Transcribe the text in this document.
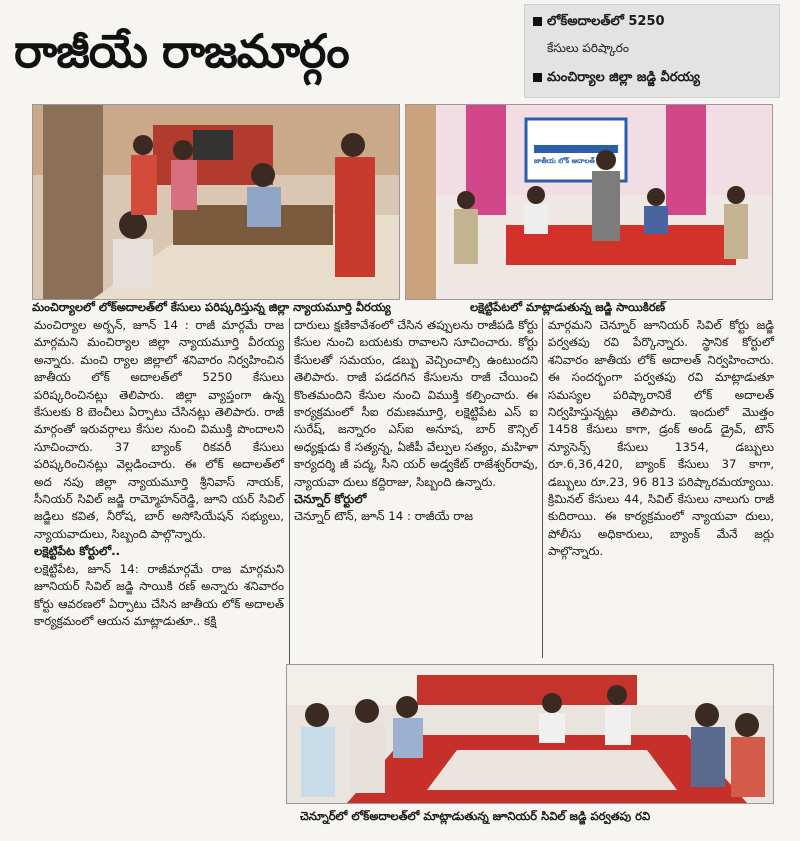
రాజీయే రాజమార్గం
లోక్‌అదాలత్‌లో 5250
కేసులు పరిష్కారం
మంచిర్యాల జిల్లా జడ్జి వీరయ్య
మంచిర్యాలలో లోక్‌అదాలత్‌లో కేసులు పరిష్కరిస్తున్న జిల్లా న్యాయమూర్తి వీరయ్య
జాతీయ లోక్ అదాలత్
లక్షెట్టిపేటలో మాట్లాడుతున్న జడ్జి సాయికిరణ్

మంచిర్యాల అర్బన్, జూన్ 14 : రాజీ మార్గమే రాజ మార్గమని మంచిర్యాల జిల్లా న్యాయమూర్తి వీరయ్య అన్నారు. మంచి ర్యాల జిల్లాలో శనివారం నిర్వహించిన జాతీయ లోక్ అదాలత్‌లో 5250 కేసులు పరిష్కరించినట్లు తెలిపారు. జిల్లా వ్యాప్తంగా ఉన్న కేసులకు 8 బెంచీలు ఏర్పాటు చేసినట్లు తెలిపారు. రాజీ మార్గంతో ఇరువర్గాలు కేసుల నుంచి విముక్తి పొందాలని సూచించారు. 37 బ్యాంక్ రికవరీ కేసులు పరిష్కరించినట్లు వెల్లడించారు. ఈ లోక్ అదాలత్‌లో అద నపు జిల్లా న్యాయమూర్తి శ్రీనివాస్ నాయక్, సీనియర్ సివిల్ జడ్జి రామ్మోహన్‌రెడ్డి, జూని యర్ సివిల్ జడ్జిలు కవిత, నీరోష, బార్ అసోసియేషన్ సభ్యులు, న్యాయవాదులు, సిబ్బంది పాల్గొన్నారు.

లక్షెట్టిపేట కోర్టులో..

లక్షెట్టిపేట, జూన్ 14: రాజీమార్గమే రాజ మార్గమని జూనియర్ సివిల్ జడ్జి సాయికి రణ్ అన్నారు శనివారం కోర్టు ఆవరణలో ఏర్పాటు చేసిన జాతీయ లోక్ అదాలత్ కార్యక్రమంలో ఆయన మాట్లాడుతూ.. కక్షి

దారులు క్షణికావేశంలో చేసిన తప్పులను రాజీపడి కోర్టు కేసుల నుంచి బయటకు రావాలని సూచించారు. కోర్టు కేసులతో సమయం, డబ్బు వెచ్చించాల్సి ఉంటుందని తెలిపారు. రాజీ పడదగిన కేసులను రాజీ చేయించి కొంతమందిని కేసుల నుంచి విముక్తి కల్పించారు. ఈ కార్యక్రమంలో సీఐ రమణమూర్తి, లక్షెట్టిపేట ఎస్ ఐ సురేష్, జన్నారం ఎస్ఐ అనూష, బార్ కౌన్సిల్ అధ్యక్షుడు కే సత్యన్న, ఏజీపీ వేల్పుల సత్యం, మహిళా కార్యదర్శి జీ పద్మ, సీని యర్ అడ్వకేట్ రాజేశ్వర్‌రావు, న్యాయవా దులు కద్దిరాజు, సిబ్బంది ఉన్నారు.

చెన్నూర్ కోర్టులో

చెన్నూర్ టౌన్, జూన్ 14 : రాజీయే రాజ

మార్గమని చెన్నూర్ జూనియర్ సివిల్ కోర్టు జడ్జి పర్వతపు రవి పేర్కొన్నారు. స్థానిక కోర్టులో శనివారం జాతీయ లోక్ అదాలత్ నిర్వహించారు. ఈ సందర్భంగా పర్వతపు రవి మాట్లాడుతూ సమస్యల పరిష్కారానికే లోక్ అదాలత్ నిర్వహిస్తున్నట్లు తెలిపారు. ఇందులో మొత్తం 1458 కేసులు కాగా, డ్రంక్ అండ్ డ్రైవ్, టౌన్ న్యూసెన్స్ కేసులు 1354, డబ్బులు రూ.6,36,420, బ్యాంక్ కేసులు 37 కాగా, డబ్బులు రూ.23, 96 813 పరిష్కారమయ్యాయి. క్రిమినల్ కేసులు 44, సివిల్ కేసులు నాలుగు రాజీ కుదిరాయి. ఈ కార్యక్రమంలో న్యాయవా దులు, పోలీసు అధికారులు, బ్యాంక్ మేనే జర్లు పాల్గొన్నారు.

చెన్నూర్‌లో లోక్‌అదాలత్‌లో మాట్లాడుతున్న జూనియర్ సివిల్ జడ్జి పర్వతపు రవి
